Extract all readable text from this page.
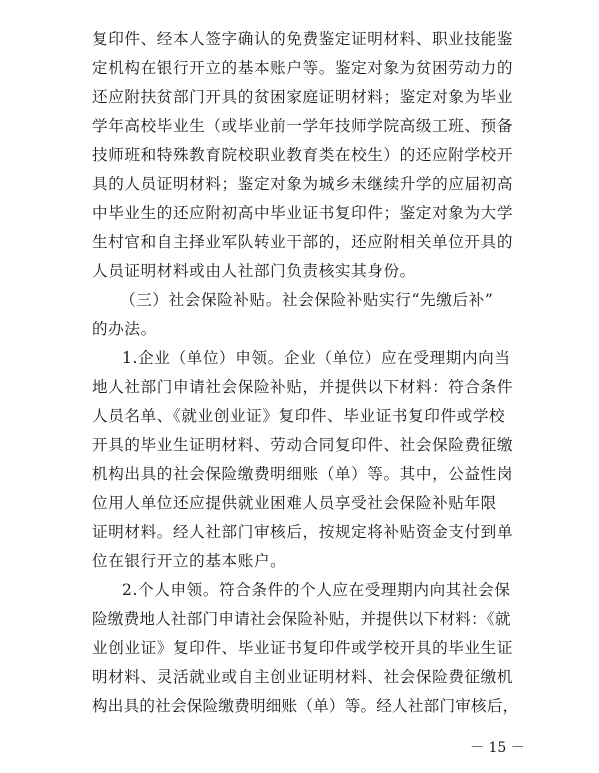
复印件、经本人签字确认的免费鉴定证明材料、职业技能鉴
定机构在银行开立的基本账户等。鉴定对象为贫困劳动力的
还应附扶贫部门开具的贫困家庭证明材料；鉴定对象为毕业
学年高校毕业生（或毕业前一学年技师学院高级工班、预备
技师班和特殊教育院校职业教育类在校生）的还应附学校开
具的人员证明材料；鉴定对象为城乡未继续升学的应届初高
中毕业生的还应附初高中毕业证书复印件；鉴定对象为大学
生村官和自主择业军队转业干部的，还应附相关单位开具的
人员证明材料或由人社部门负责核实其身份。
（三）社会保险补贴。社会保险补贴实行“先缴后补”
的办法。
1.企业（单位）申领。企业（单位）应在受理期内向当
地人社部门申请社会保险补贴，并提供以下材料：符合条件
人员名单、《就业创业证》复印件、毕业证书复印件或学校
开具的毕业生证明材料、劳动合同复印件、社会保险费征缴
机构出具的社会保险缴费明细账（单）等。其中，公益性岗
位用人单位还应提供就业困难人员享受社会保险补贴年限
证明材料。经人社部门审核后，按规定将补贴资金支付到单
位在银行开立的基本账户。
2.个人申领。符合条件的个人应在受理期内向其社会保
险缴费地人社部门申请社会保险补贴，并提供以下材料：《就
业创业证》复印件、毕业证书复印件或学校开具的毕业生证
明材料、灵活就业或自主创业证明材料、社会保险费征缴机
构出具的社会保险缴费明细账（单）等。经人社部门审核后，
－ 15 －
